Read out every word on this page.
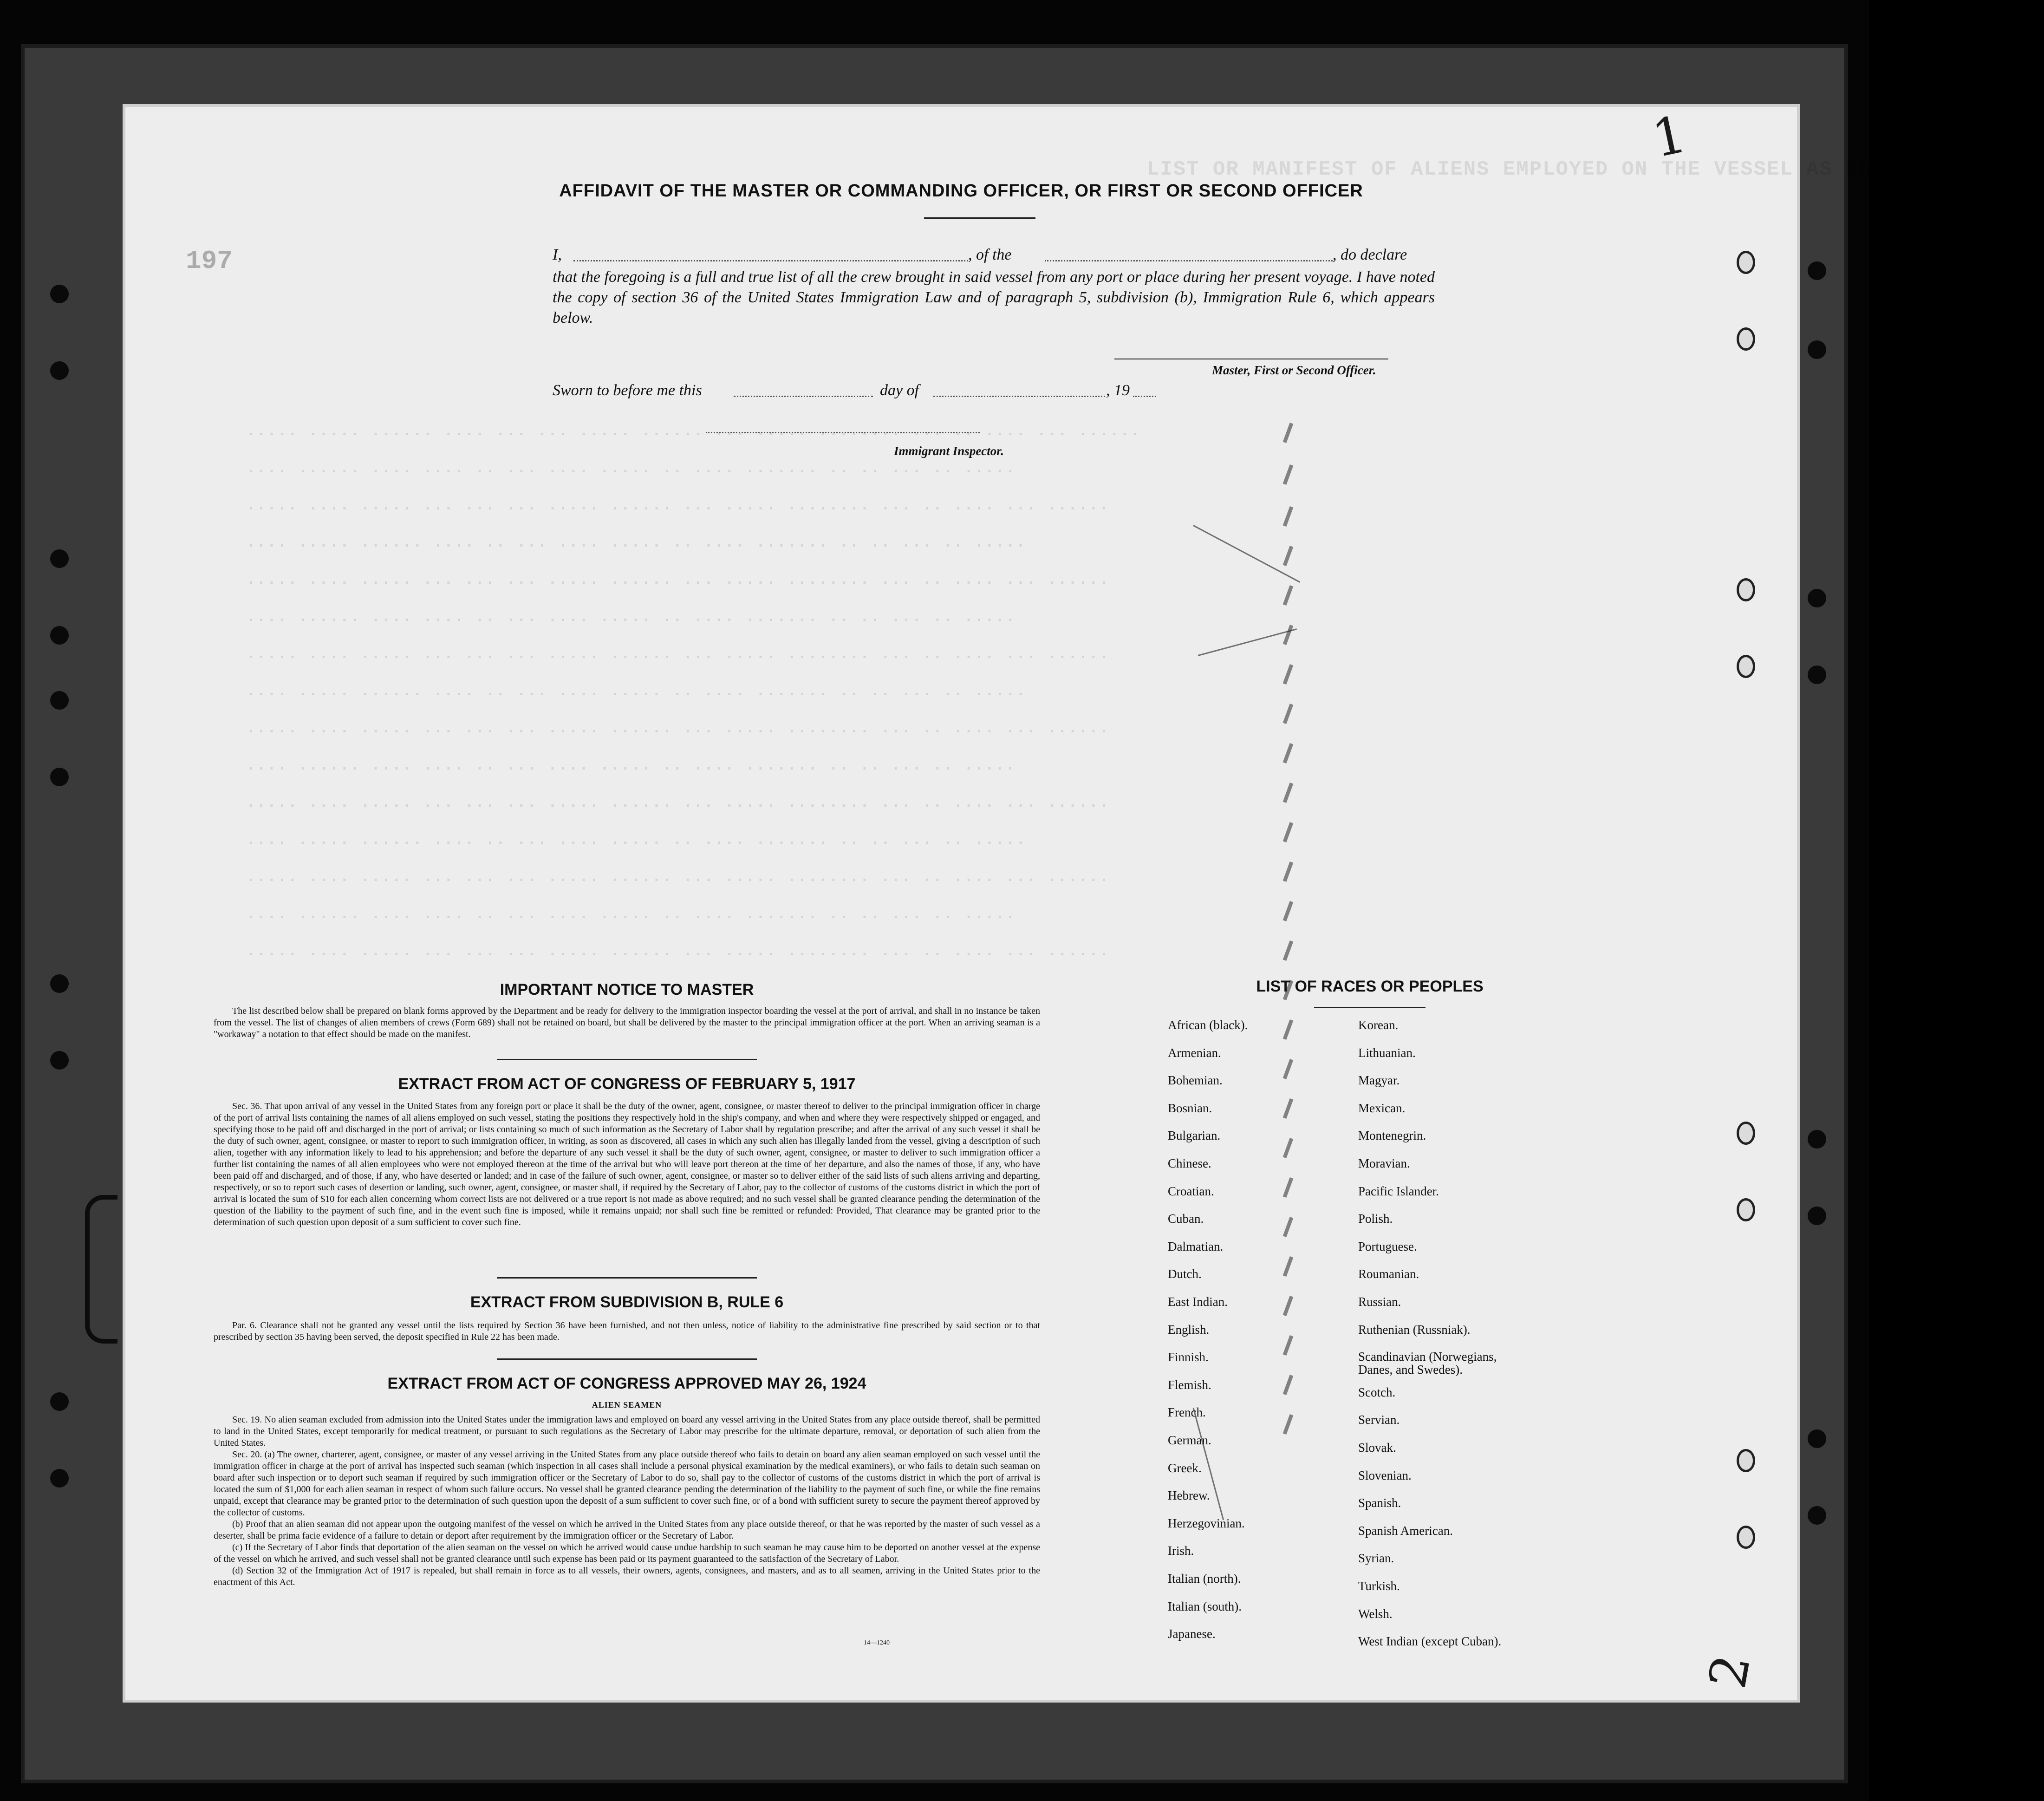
LIST OR MANIFEST OF ALIENS EMPLOYED ON THE VESSEL AS MEMBERS OF CREW
..... ..... ...... .... ... ... ..... ...... ... ..... ........ ... .. .... ... ......
.... ...... .... .... .. ... .... ..... .. .... ....... .. .. ... .. .....
..... .... ..... ... ... ... ..... ...... ... ..... ........ ... .. .... ... ......
.... ..... ...... .... .. ... .... ..... .. .... ....... .. .. ... .. .....
..... .... ..... ... ... ... ..... ...... ... ..... ........ ... .. .... ... ......
.... ...... .... .... .. ... .... ..... .. .... ....... .. .. ... .. .....
..... .... ..... ... ... ... ..... ...... ... ..... ........ ... .. .... ... ......
.... ..... ...... .... .. ... .... ..... .. .... ....... .. .. ... .. .....
..... .... ..... ... ... ... ..... ...... ... ..... ........ ... .. .... ... ......
.... ...... .... .... .. ... .... ..... .. .... ....... .. .. ... .. .....
..... .... ..... ... ... ... ..... ...... ... ..... ........ ... .. .... ... ......
.... ..... ...... .... .. ... .... ..... .. .... ....... .. .. ... .. .....
..... .... ..... ... ... ... ..... ...... ... ..... ........ ... .. .... ... ......
.... ...... .... .... .. ... .... ..... .. .... ....... .. .. ... .. .....
..... .... ..... ... ... ... ..... ...... ... ..... ........ ... .. .... ... ......
1
2
197
AFFIDAVIT OF THE MASTER OR COMMANDING OFFICER, OR FIRST OR SECOND OFFICER
I,	, of the	, do declare
that the foregoing is a full and true list of all the crew brought in said vessel from any port or place during her present voyage. I have noted the copy of section 36 of the United States Immigration Law and of paragraph 5, subdivision (b), Immigration Rule 6, which appears below.
Master, First or Second Officer.
Sworn to before me this	day of	, 19
Immigrant Inspector.
IMPORTANT NOTICE TO MASTER
The list described below shall be prepared on blank forms approved by the Department and be ready for delivery to the immigration inspector boarding the vessel at the port of arrival, and shall in no instance be taken from the vessel. The list of changes of alien members of crews (Form 689) shall not be retained on board, but shall be delivered by the master to the principal immigration officer at the port. When an arriving seaman is a "workaway" a notation to that effect should be made on the manifest.
EXTRACT FROM ACT OF CONGRESS OF FEBRUARY 5, 1917
Sec. 36. That upon arrival of any vessel in the United States from any foreign port or place it shall be the duty of the owner, agent, consignee, or master thereof to deliver to the principal immigration officer in charge of the port of arrival lists containing the names of all aliens employed on such vessel, stating the positions they respectively hold in the ship's company, and when and where they were respectively shipped or engaged, and specifying those to be paid off and discharged in the port of arrival; or lists containing so much of such information as the Secretary of Labor shall by regulation prescribe; and after the arrival of any such vessel it shall be the duty of such owner, agent, consignee, or master to report to such immigration officer, in writing, as soon as discovered, all cases in which any such alien has illegally landed from the vessel, giving a description of such alien, together with any information likely to lead to his apprehension; and before the departure of any such vessel it shall be the duty of such owner, agent, consignee, or master to deliver to such immigration officer a further list containing the names of all alien employees who were not employed thereon at the time of the arrival but who will leave port thereon at the time of her departure, and also the names of those, if any, who have been paid off and discharged, and of those, if any, who have deserted or landed; and in case of the failure of such owner, agent, consignee, or master so to deliver either of the said lists of such aliens arriving and departing, respectively, or so to report such cases of desertion or landing, such owner, agent, consignee, or master shall, if required by the Secretary of Labor, pay to the collector of customs of the customs district in which the port of arrival is located the sum of $10 for each alien concerning whom correct lists are not delivered or a true report is not made as above required; and no such vessel shall be granted clearance pending the determination of the question of the liability to the payment of such fine, and in the event such fine is imposed, while it remains unpaid; nor shall such fine be remitted or refunded: Provided, That clearance may be granted prior to the determination of such question upon deposit of a sum sufficient to cover such fine.
EXTRACT FROM SUBDIVISION B, RULE 6
Par. 6. Clearance shall not be granted any vessel until the lists required by Section 36 have been furnished, and not then unless, notice of liability to the administrative fine prescribed by said section or to that prescribed by section 35 having been served, the deposit specified in Rule 22 has been made.
EXTRACT FROM ACT OF CONGRESS APPROVED MAY 26, 1924
ALIEN SEAMEN
Sec. 19. No alien seaman excluded from admission into the United States under the immigration laws and employed on board any vessel arriving in the United States from any place outside thereof, shall be permitted to land in the United States, except temporarily for medical treatment, or pursuant to such regulations as the Secretary of Labor may prescribe for the ultimate departure, removal, or deportation of such alien from the United States.
Sec. 20. (a) The owner, charterer, agent, consignee, or master of any vessel arriving in the United States from any place outside thereof who fails to detain on board any alien seaman employed on such vessel until the immigration officer in charge at the port of arrival has inspected such seaman (which inspection in all cases shall include a personal physical examination by the medical examiners), or who fails to detain such seaman on board after such inspection or to deport such seaman if required by such immigration officer or the Secretary of Labor to do so, shall pay to the collector of customs of the customs district in which the port of arrival is located the sum of $1,000 for each alien seaman in respect of whom such failure occurs. No vessel shall be granted clearance pending the determination of the liability to the payment of such fine, or while the fine remains unpaid, except that clearance may be granted prior to the determination of such question upon the deposit of a sum sufficient to cover such fine, or of a bond with sufficient surety to secure the payment thereof approved by the collector of customs.
(b) Proof that an alien seaman did not appear upon the outgoing manifest of the vessel on which he arrived in the United States from any place outside thereof, or that he was reported by the master of such vessel as a deserter, shall be prima facie evidence of a failure to detain or deport after requirement by the immigration officer or the Secretary of Labor.
(c) If the Secretary of Labor finds that deportation of the alien seaman on the vessel on which he arrived would cause undue hardship to such seaman he may cause him to be deported on another vessel at the expense of the vessel on which he arrived, and such vessel shall not be granted clearance until such expense has been paid or its payment guaranteed to the satisfaction of the Secretary of Labor.
(d) Section 32 of the Immigration Act of 1917 is repealed, but shall remain in force as to all vessels, their owners, agents, consignees, and masters, and as to all seamen, arriving in the United States prior to the enactment of this Act.
14—1240
LIST OF RACES OR PEOPLES
African (black).
Armenian.
Bohemian.
Bosnian.
Bulgarian.
Chinese.
Croatian.
Cuban.
Dalmatian.
Dutch.
East Indian.
English.
Finnish.
Flemish.
French.
German.
Greek.
Hebrew.
Herzegovinian.
Irish.
Italian (north).
Italian (south).
Japanese.
Korean.
Lithuanian.
Magyar.
Mexican.
Montenegrin.
Moravian.
Pacific Islander.
Polish.
Portuguese.
Roumanian.
Russian.
Ruthenian (Russniak).
Scandinavian (Norwegians, Danes, and Swedes).
Scotch.
Servian.
Slovak.
Slovenian.
Spanish.
Spanish American.
Syrian.
Turkish.
Welsh.
West Indian (except Cuban).
